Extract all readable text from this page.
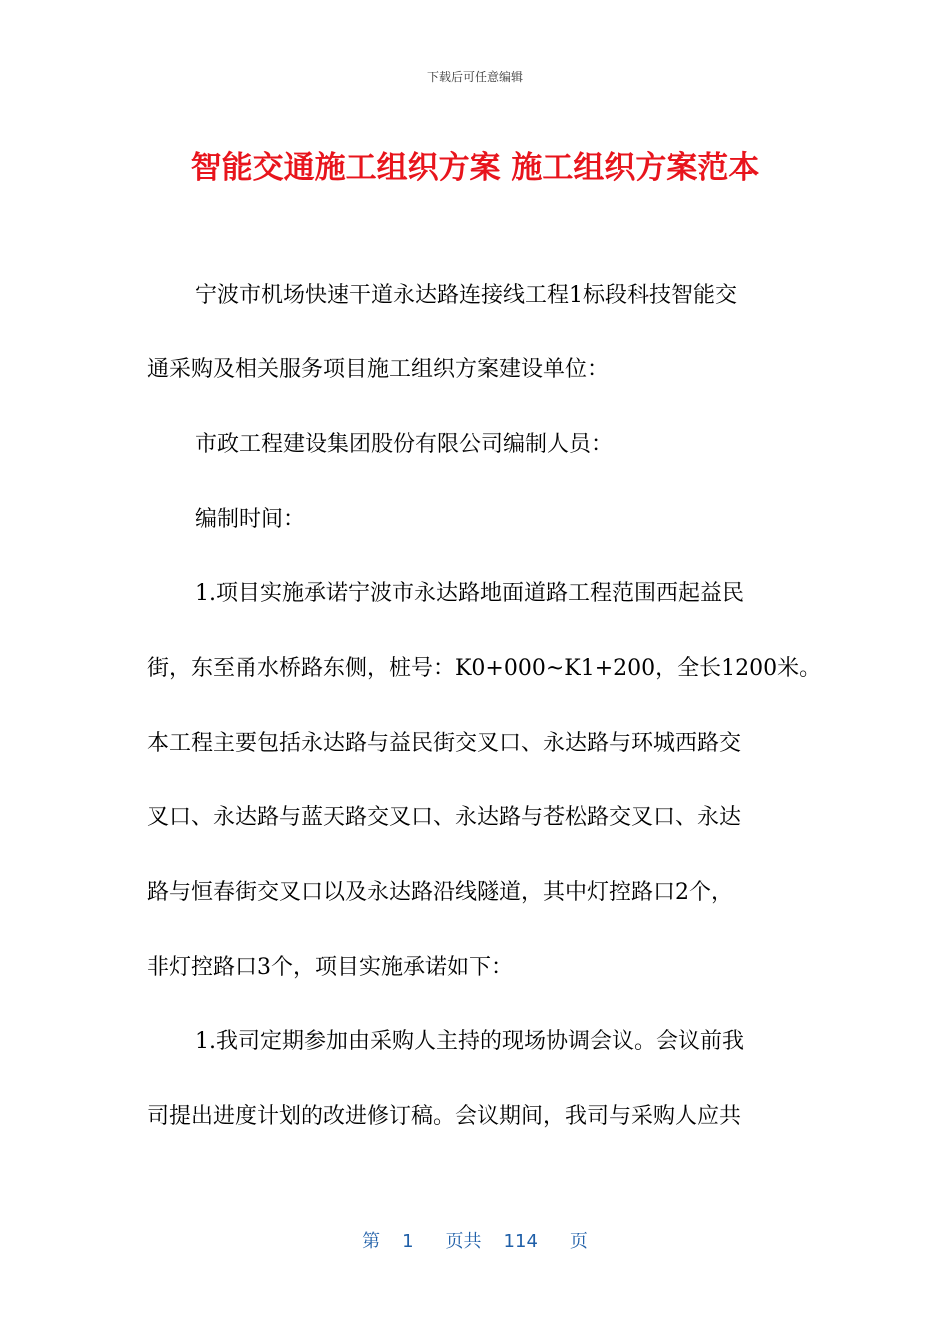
下载后可任意编辑
智能交通施工组织方案 施工组织方案范本
宁波市机场快速干道永达路连接线工程1标段科技智能交
通采购及相关服务项目施工组织方案建设单位：
市政工程建设集团股份有限公司编制人员：
编制时间：
1.项目实施承诺宁波市永达路地面道路工程范围西起益民
街，东至甬水桥路东侧，桩号：K0+000~K1+200，全长1200米。
本工程主要包括永达路与益民街交叉口、永达路与环城西路交
叉口、永达路与蓝天路交叉口、永达路与苍松路交叉口、永达
路与恒春街交叉口以及永达路沿线隧道，其中灯控路口2个，
非灯控路口3个，项目实施承诺如下：
1.我司定期参加由采购人主持的现场协调会议。会议前我
司提出进度计划的改进修订稿。会议期间，我司与采购人应共
第 1 页共 114 页
